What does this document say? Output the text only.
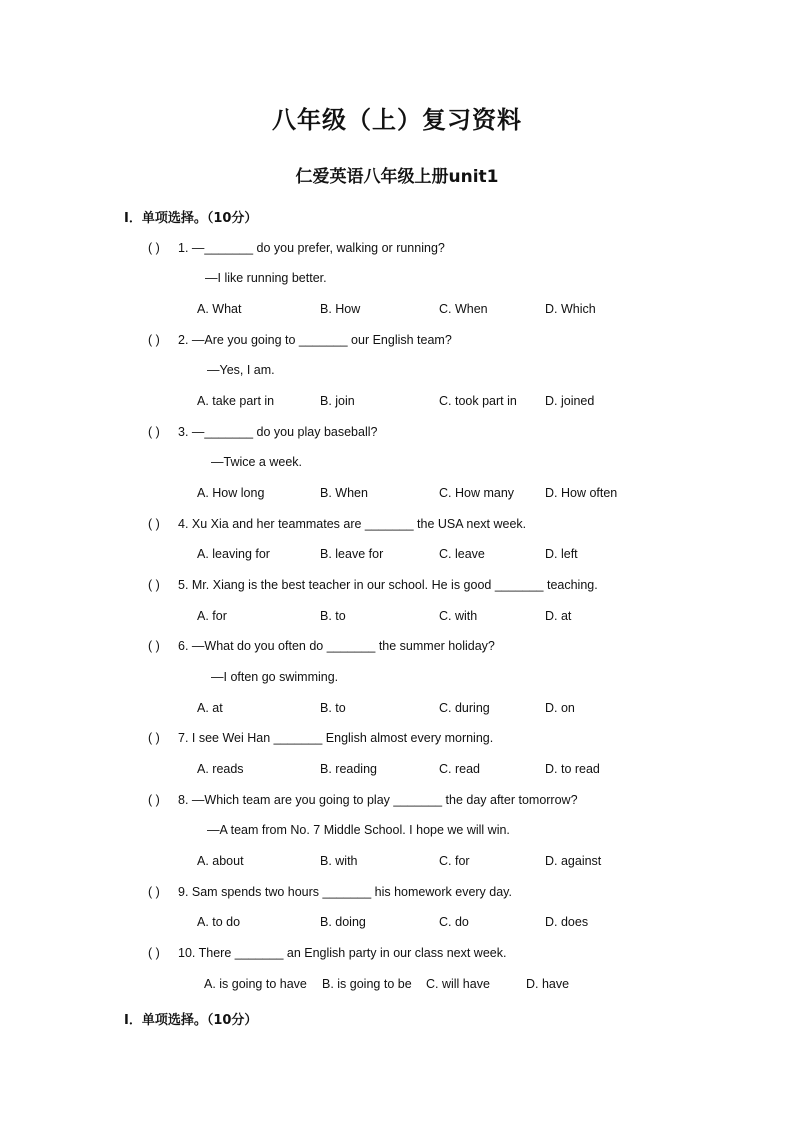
八年级（上）复习资料
仁爱英语八年级上册unit1
Ⅰ．单项选择。（10分）
( ) 1. —_______ do you prefer, walking or running?
—I like running better.
A. What	B. How	C. When	D. Which
( ) 2. —Are you going to _______ our English team?
—Yes, I am.
A. take part in	B. join	C. took part in D. joined
( ) 3. —_______ do you play baseball?
—Twice a week.
A. How long	B. When	C. How many D. How often
( ) 4. Xu Xia and her teammates are _______ the USA next week.
A. leaving for	B. leave for	C. leave	D. left
( ) 5. Mr. Xiang is the best teacher in our school. He is good _______ teaching.
A. for	B. to	C. with	D. at
( ) 6. —What do you often do _______ the summer holiday?
—I often go swimming.
A. at	B. to	C. during	D. on
( ) 7. I see Wei Han _______ English almost every morning.
A. reads	B. reading	C. read	D. to read
( ) 8. —Which team are you going to play _______ the day after tomorrow?
—A team from No. 7 Middle School. I hope we will win.
A. about	B. with	C. for	D. against
( ) 9. Sam spends two hours _______ his homework every day.
A. to do	B. doing	C. do	D. does
( ) 10. There _______ an English party in our class next week.
A. is going to have B. is going to be C. will have	D. have
Ⅰ．单项选择。（10分）
